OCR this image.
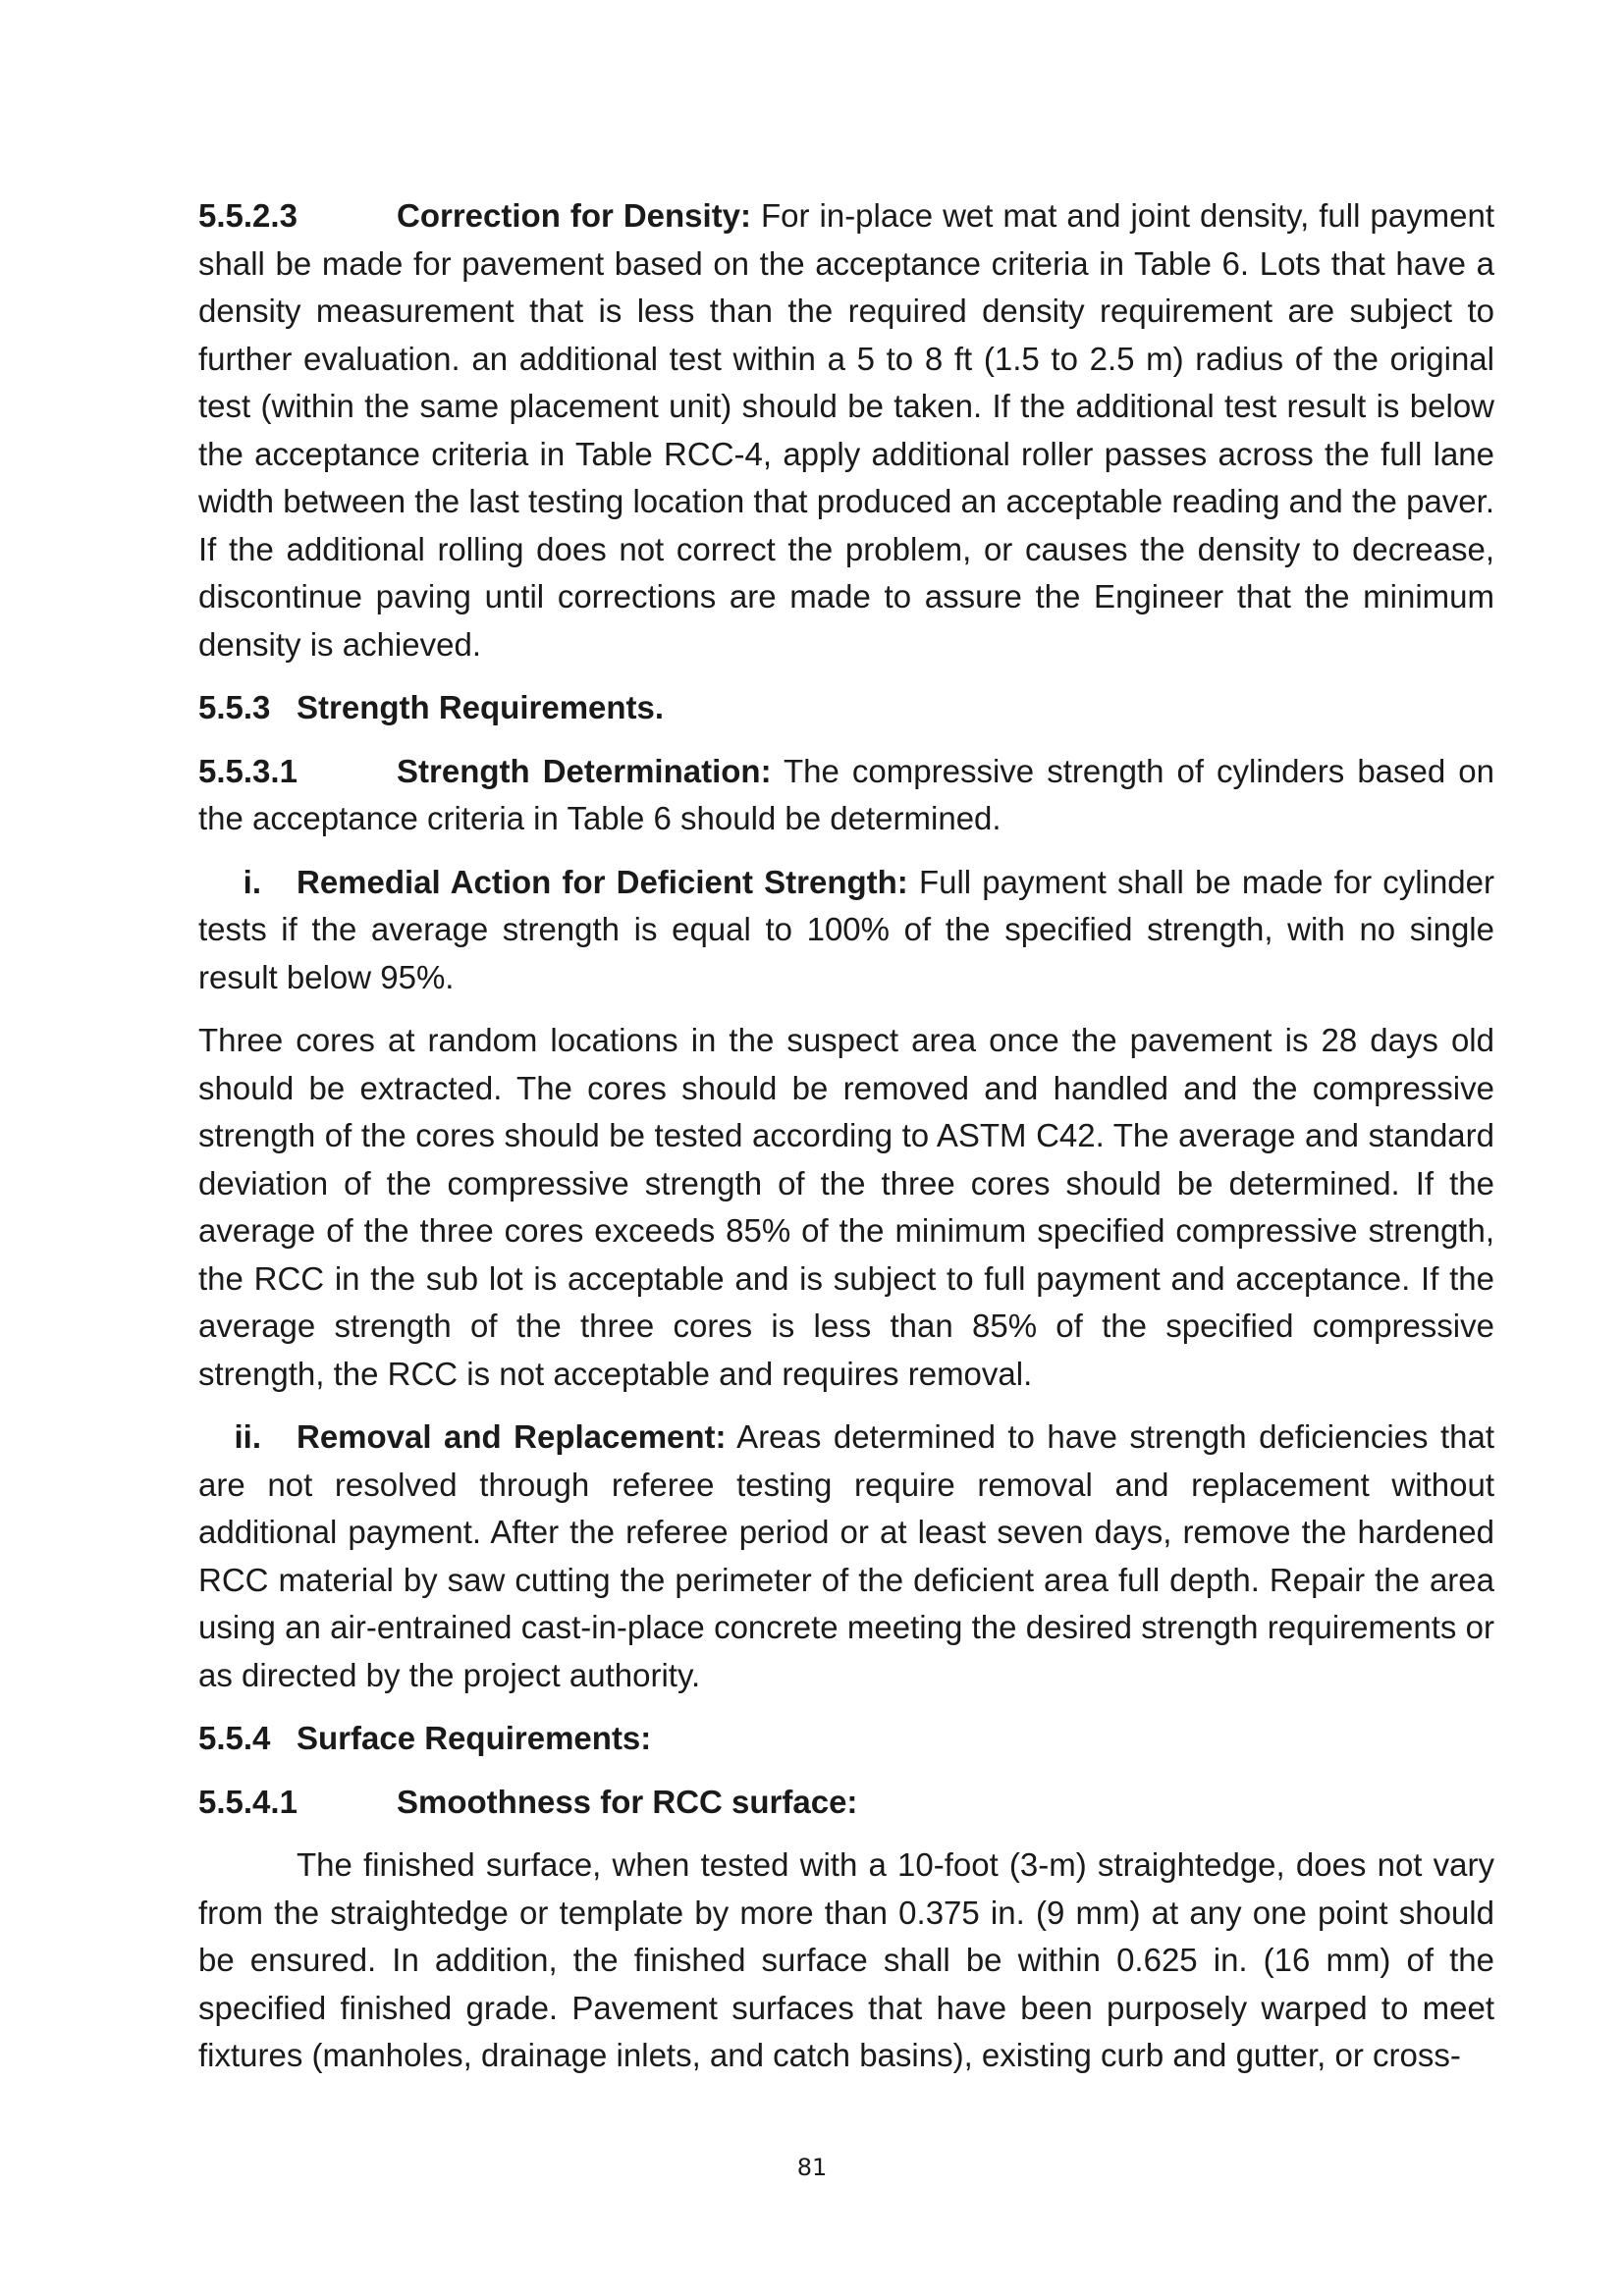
5.5.2.3	Correction for Density: For in-place wet mat and joint density, full payment shall be made for pavement based on the acceptance criteria in Table 6. Lots that have a density measurement that is less than the required density requirement are subject to further evaluation. an additional test within a 5 to 8 ft (1.5 to 2.5 m) radius of the original test (within the same placement unit) should be taken. If the additional test result is below the acceptance criteria in Table RCC-4, apply additional roller passes across the full lane width between the last testing location that produced an acceptable reading and the paver. If the additional rolling does not correct the problem, or causes the density to decrease, discontinue paving until corrections are made to assure the Engineer that the minimum density is achieved.

5.5.3 Strength Requirements.

5.5.3.1	Strength Determination: The compressive strength of cylinders based on the acceptance criteria in Table 6 should be determined.

i. Remedial Action for Deficient Strength: Full payment shall be made for cylinder tests if the average strength is equal to 100% of the specified strength, with no single result below 95%.

Three cores at random locations in the suspect area once the pavement is 28 days old should be extracted. The cores should be removed and handled and the compressive strength of the cores should be tested according to ASTM C42. The average and standard deviation of the compressive strength of the three cores should be determined. If the average of the three cores exceeds 85% of the minimum specified compressive strength, the RCC in the sub lot is acceptable and is subject to full payment and acceptance. If the average strength of the three cores is less than 85% of the specified compressive strength, the RCC is not acceptable and requires removal.

ii. Removal and Replacement: Areas determined to have strength deficiencies that are not resolved through referee testing require removal and replacement without additional payment. After the referee period or at least seven days, remove the hardened RCC material by saw cutting the perimeter of the deficient area full depth. Repair the area using an air-entrained cast-in-place concrete meeting the desired strength requirements or as directed by the project authority.

5.5.4 Surface Requirements:
5.5.4.1	Smoothness for RCC surface:

The finished surface, when tested with a 10-foot (3-m) straightedge, does not vary from the straightedge or template by more than 0.375 in. (9 mm) at any one point should be ensured. In addition, the finished surface shall be within 0.625 in. (16 mm) of the specified finished grade. Pavement surfaces that have been purposely warped to meet fixtures (manholes, drainage inlets, and catch basins), existing curb and gutter, or cross-

81
